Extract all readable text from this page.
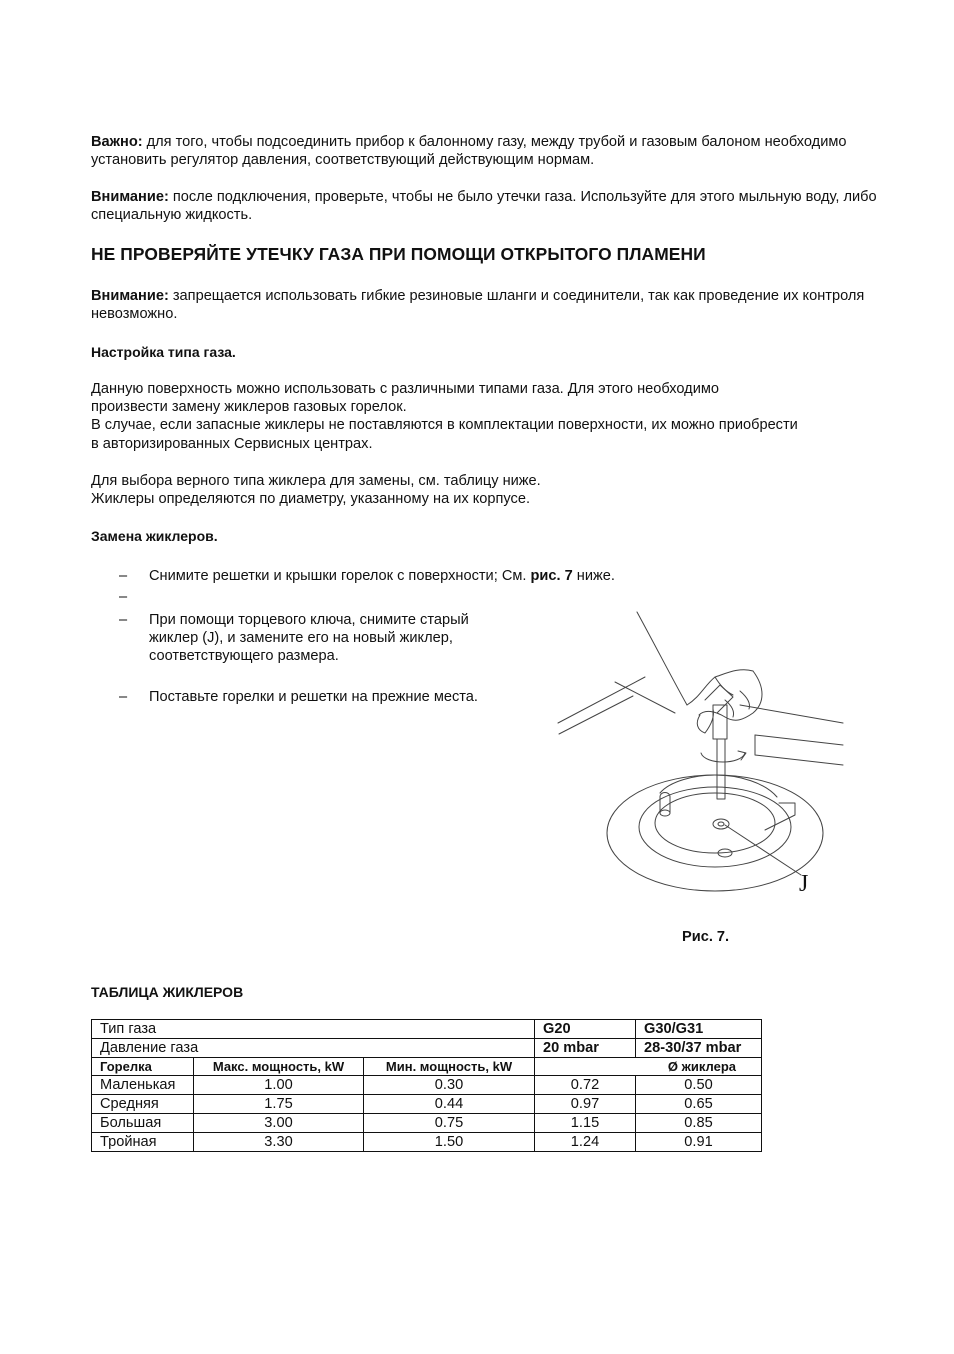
Важно: для того, чтобы подсоединить прибор к балонному газу, между трубой и газовым балоном необходимо установить регулятор давления, соответствующий действующим нормам.
Внимание: после подключения, проверьте, чтобы не было утечки газа. Используйте для этого мыльную воду, либо специальную жидкость.
НЕ ПРОВЕРЯЙТЕ УТЕЧКУ ГАЗА ПРИ ПОМОЩИ ОТКРЫТОГО ПЛАМЕНИ
Внимание: запрещается использовать гибкие резиновые шланги и соединители, так как проведение их контроля невозможно.
Настройка типа газа.
Данную поверхность можно использовать с различными типами газа. Для этого необходимо
произвести замену жиклеров газовых горелок.
В случае, если запасные жиклеры не поставляются в комплектации поверхности, их можно приобрести
в авторизированных Сервисных центрах.
Для выбора верного типа жиклера для замены, см. таблицу ниже.
Жиклеры определяются по диаметру, указанному на их корпусе.
Замена жиклеров.
– Снимите решетки и крышки горелок с поверхности; См. рис. 7 ниже.
–
– При помощи торцевого ключа, снимите старый
жиклер (J), и замените его на новый жиклер,
соответствующего размера.
– Поставьте горелки и решетки на прежние места.
J
Рис. 7.
ТАБЛИЦА ЖИКЛЕРОВ
Тип газа			G20	G30/G31
Давление газа			20 mbar	28-30/37 mbar
Горелка	Макс. мощность, kW	Мин. мощность, kW	Ø жиклера	
Маленькая	1.00	0.30	0.72	0.50
Средняя	1.75	0.44	0.97	0.65
Большая	3.00	0.75	1.15	0.85
Тройная	3.30	1.50	1.24	0.91
